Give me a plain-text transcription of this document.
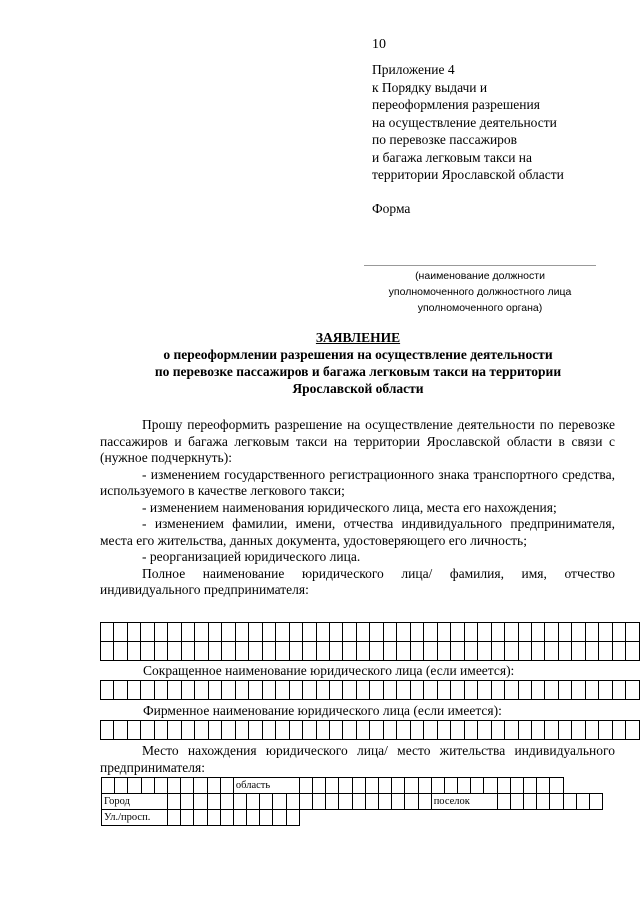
10
Приложение 4
к Порядку выдачи и
переоформления разрешения
на осуществление деятельности
по перевозке пассажиров
и багажа легковым такси на
территории Ярославской области
Форма
(наименование должности
уполномоченного должностного лица
уполномоченного органа)
ЗАЯВЛЕНИЕ
о переоформлении разрешения на осуществление деятельности
по перевозке пассажиров и багажа легковым такси на территории
Ярославской области

Прошу переоформить разрешение на осуществление деятельности по перевозке пассажиров и багажа легковым такси на территории Ярославской области в связи с (нужное подчеркнуть):

- изменением государственного регистрационного знака транспортного средства, используемого в качестве легкового такси;

- изменением наименования юридического лица, места его нахождения;

- изменением фамилии, имени, отчества индивидуального предпринимателя, места его жительства, данных документа, удостоверяющего его личность;

- реорганизацией юридического лица.

Полное наименование юридического лица/ фамилия, имя, отчество индивидуального предпринимателя:

Сокращенное наименование юридического лица (если имеется):

Фирменное наименование юридического лица (если имеется):

Место нахождения юридического лица/ место жительства индивидуального предпринимателя:

										область																											
Город																									поселок												
Ул./просп.																																					
